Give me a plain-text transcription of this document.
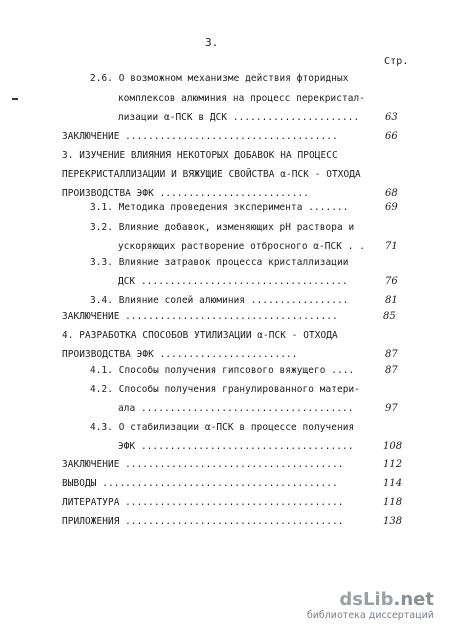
3.
Стр.
2.6. О возможном механизме действия фторидных
комплексов алюминия на процесс перекристал-
лизации α-ПСК в ДСК ......................	63
ЗАКЛЮЧЕНИЕ .....................................	66
3. ИЗУЧЕНИЕ ВЛИЯНИЯ НЕКОТОРЫХ ДОБАВОК НА ПРОЦЕСС
ПЕРЕКРИСТАЛЛИЗАЦИИ И ВЯЖУЩИЕ СВОЙСТВА α-ПСК - ОТХОДА
ПРОИЗВОДСТВА ЭФК ..........................	68
3.1. Методика проведения эксперимента .......	69
3.2. Влияние добавок, изменяющих pH раствора и
ускоряющих растворение отбросного α-ПСК . . 71
3.3. Влияние затравок процесса кристаллизации
ДСК ....................................	76
3.4. Влияние солей алюминия .................	81
ЗАКЛЮЧЕНИЕ .....................................	85
4. РАЗРАБОТКА СПОСОБОВ УТИЛИЗАЦИИ α-ПСК - ОТХОДА
ПРОИЗВОДСТВА ЭФК ........................	87
4.1. Способы получения гипсового вяжущего ....	87
4.2. Способы получения гранулированного матери-
ала .....................................	97
4.3. О стабилизации α-ПСК в процессе получения
ЭФК .....................................	108
ЗАКЛЮЧЕНИЕ ......................................	112
ВЫВОДЫ .........................................	114
ЛИТЕРАТУРА ......................................	118
ПРИЛОЖЕНИЯ ......................................	138
dsLib.net
библиотека диссертаций
